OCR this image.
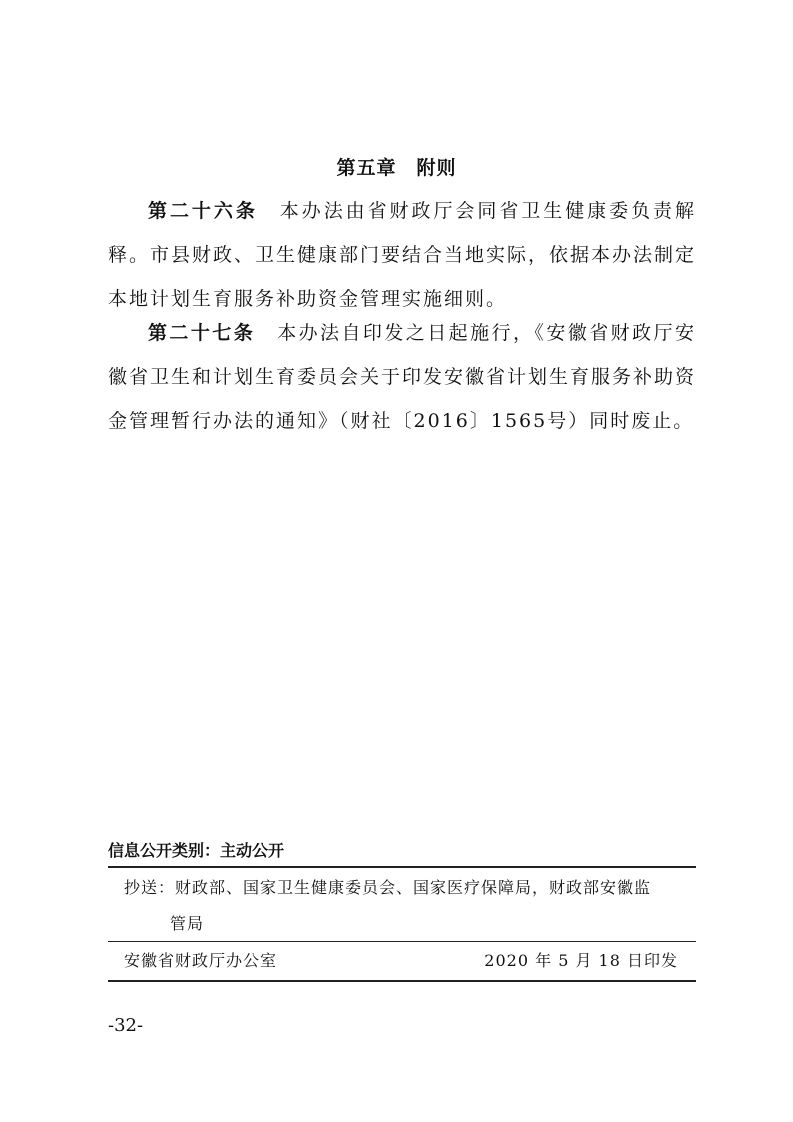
第五章　附则

第二十六条 本办法由省财政厅会同省卫生健康委负责解释。市县财政、卫生健康部门要结合当地实际，依据本办法制定本地计划生育服务补助资金管理实施细则。

第二十七条 本办法自印发之日起施行，《安徽省财政厅安徽省卫生和计划生育委员会关于印发安徽省计划生育服务补助资金管理暂行办法的通知》（财社〔2016〕1565号）同时废止。

信息公开类别：主动公开

抄送：财政部、国家卫生健康委员会、国家医疗保障局，财政部安徽监
管局

安徽省财政厅办公室	2020 年 5 月 18 日印发

-32-
